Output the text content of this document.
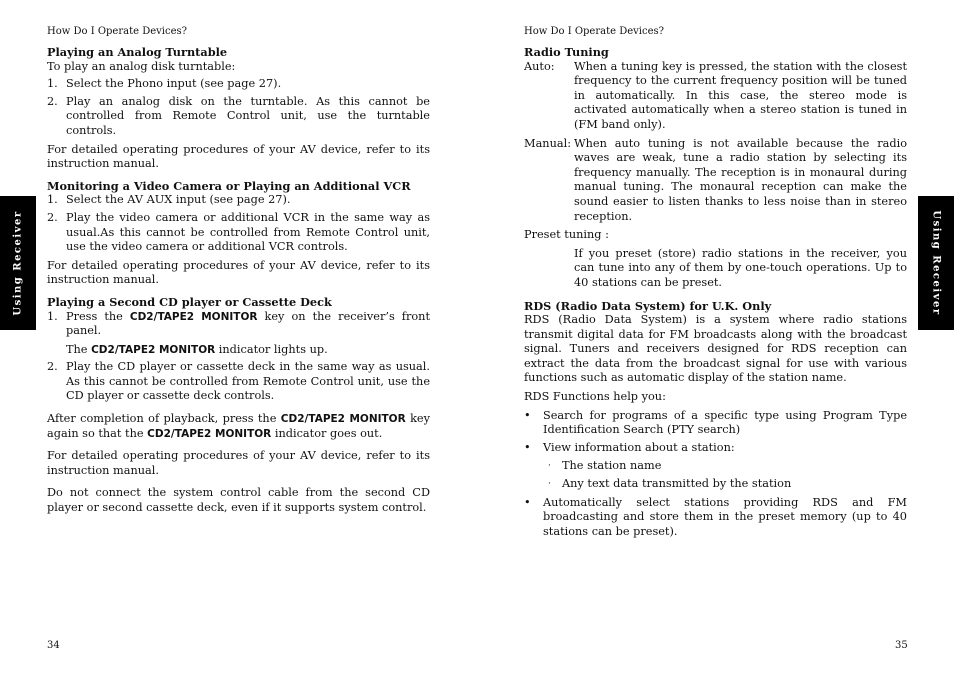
How Do I Operate Devices?
Using Receiver
Playing an Analog Turntable

To play an analog disk turntable:

1. Select the Phono input (see page 27).
2. Play an analog disk on the turntable. As this cannot be controlled from Remote Control unit, use the turntable controls.

For detailed operating procedures of your AV device, refer to its instruction manual.

Monitoring a Video Camera or Playing an Additional VCR
1. Select the AV AUX input (see page 27).
2. Play the video camera or additional VCR in the same way as usual.As this cannot be controlled from Remote Control unit, use the video camera or additional VCR controls.

For detailed operating procedures of your AV device, refer to its instruction manual.

Playing a Second CD player or Cassette Deck
1. Press the CD2/TAPE2 MONITOR key on the receiver’s front panel.
The CD2/TAPE2 MONITOR indicator lights up.
2. Play the CD player or cassette deck in the same way as usual. As this cannot be controlled from Remote Control unit, use the CD player or cassette deck controls.

After completion of playback, press the CD2/TAPE2 MONITOR key again so that the CD2/TAPE2 MONITOR indicator goes out.

For detailed operating procedures of your AV device, refer to its instruction manual.

Do not connect the system control cable from the second CD player or second cassette deck, even if it supports system control.

34
How Do I Operate Devices?
Using Receiver
Radio Tuning
Auto:	When a tuning key is pressed, the station with the closest frequency to the current frequency position will be tuned in automatically. In this case, the stereo mode is activated automatically when a stereo station is tuned in (FM band only).
Manual: When auto tuning is not available because the radio waves are weak, tune a radio station by selecting its frequency manually. The reception is in monaural during manual tuning. The monaural reception can make the sound easier to listen thanks to less noise than in stereo reception.

Preset tuning :

If you preset (store) radio stations in the receiver, you can tune into any of them by one-touch operations. Up to 40 stations can be preset.
RDS (Radio Data System) for U.K. Only

RDS (Radio Data System) is a system where radio stations transmit digital data for FM broadcasts along with the broadcast signal. Tuners and receivers designed for RDS reception can extract the data from the broadcast signal for use with various functions such as automatic display of the station name.

RDS Functions help you:

• Search for programs of a specific type using Program Type Identification Search (PTY search)
• View information about a station:
· The station name
· Any text data transmitted by the station
• Automatically select stations providing RDS and FM broadcasting and store them in the preset memory (up to 40 stations can be preset).
35
